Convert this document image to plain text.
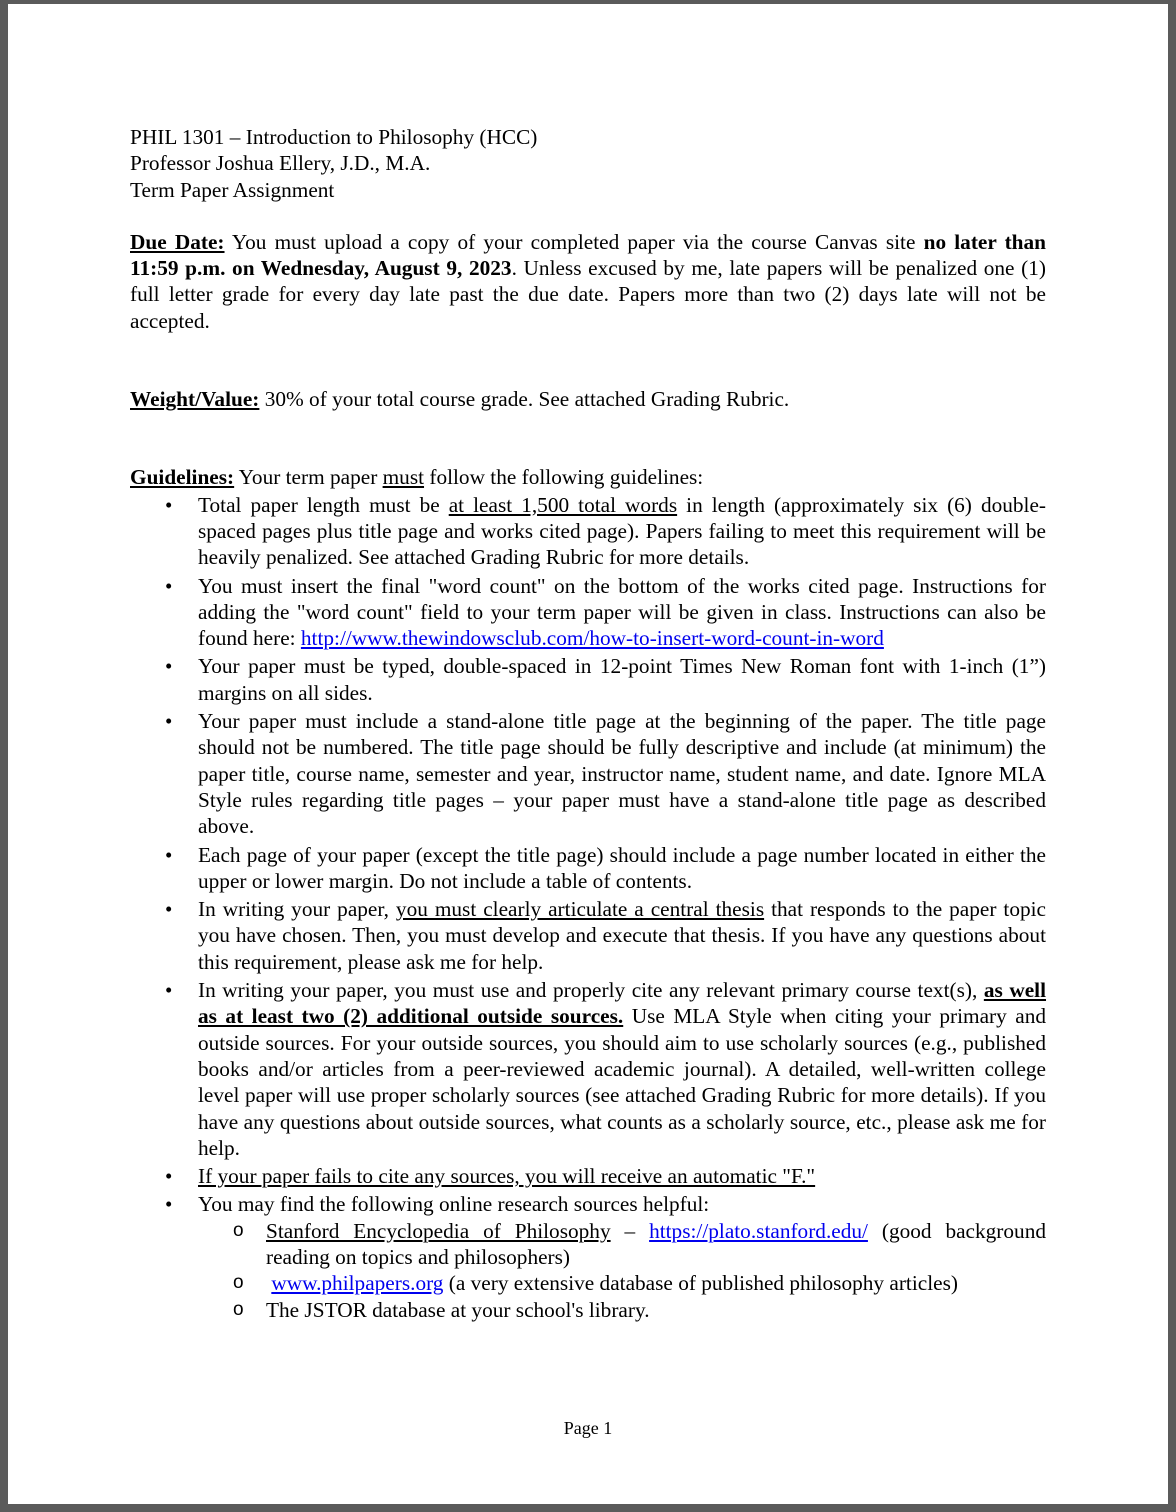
PHIL 1301 – Introduction to Philosophy (HCC)
Professor Joshua Ellery, J.D., M.A.
Term Paper Assignment

Due Date: You must upload a copy of your completed paper via the course Canvas site no later than 11:59 p.m. on Wednesday, August 9, 2023. Unless excused by me, late papers will be penalized one (1) full letter grade for every day late past the due date. Papers more than two (2) days late will not be accepted.

Weight/Value: 30% of your total course grade. See attached Grading Rubric.

Guidelines: Your term paper must follow the following guidelines:

• Total paper length must be at least 1,500 total words in length (approximately six (6) double-spaced pages plus title page and works cited page). Papers failing to meet this requirement will be heavily penalized. See attached Grading Rubric for more details.
• You must insert the final "word count" on the bottom of the works cited page. Instructions for adding the "word count" field to your term paper will be given in class. Instructions can also be found here: http://www.thewindowsclub.com/how-to-insert-word-count-in-word
• Your paper must be typed, double-spaced in 12-point Times New Roman font with 1-inch (1”) margins on all sides.
• Your paper must include a stand-alone title page at the beginning of the paper. The title page should not be numbered. The title page should be fully descriptive and include (at minimum) the paper title, course name, semester and year, instructor name, student name, and date. Ignore MLA Style rules regarding title pages – your paper must have a stand-alone title page as described above.
• Each page of your paper (except the title page) should include a page number located in either the upper or lower margin. Do not include a table of contents.
• In writing your paper, you must clearly articulate a central thesis that responds to the paper topic you have chosen. Then, you must develop and execute that thesis. If you have any questions about this requirement, please ask me for help.
• In writing your paper, you must use and properly cite any relevant primary course text(s), as well as at least two (2) additional outside sources. Use MLA Style when citing your primary and outside sources. For your outside sources, you should aim to use scholarly sources (e.g., published books and/or articles from a peer-reviewed academic journal). A detailed, well-written college level paper will use proper scholarly sources (see attached Grading Rubric for more details). If you have any questions about outside sources, what counts as a scholarly source, etc., please ask me for help.
• If your paper fails to cite any sources, you will receive an automatic "F."
• You may find the following online research sources helpful:
o Stanford Encyclopedia of Philosophy – https://plato.stanford.edu/ (good background reading on topics and philosophers)
o www.philpapers.org (a very extensive database of published philosophy articles)
o The JSTOR database at your school's library.
Page 1
